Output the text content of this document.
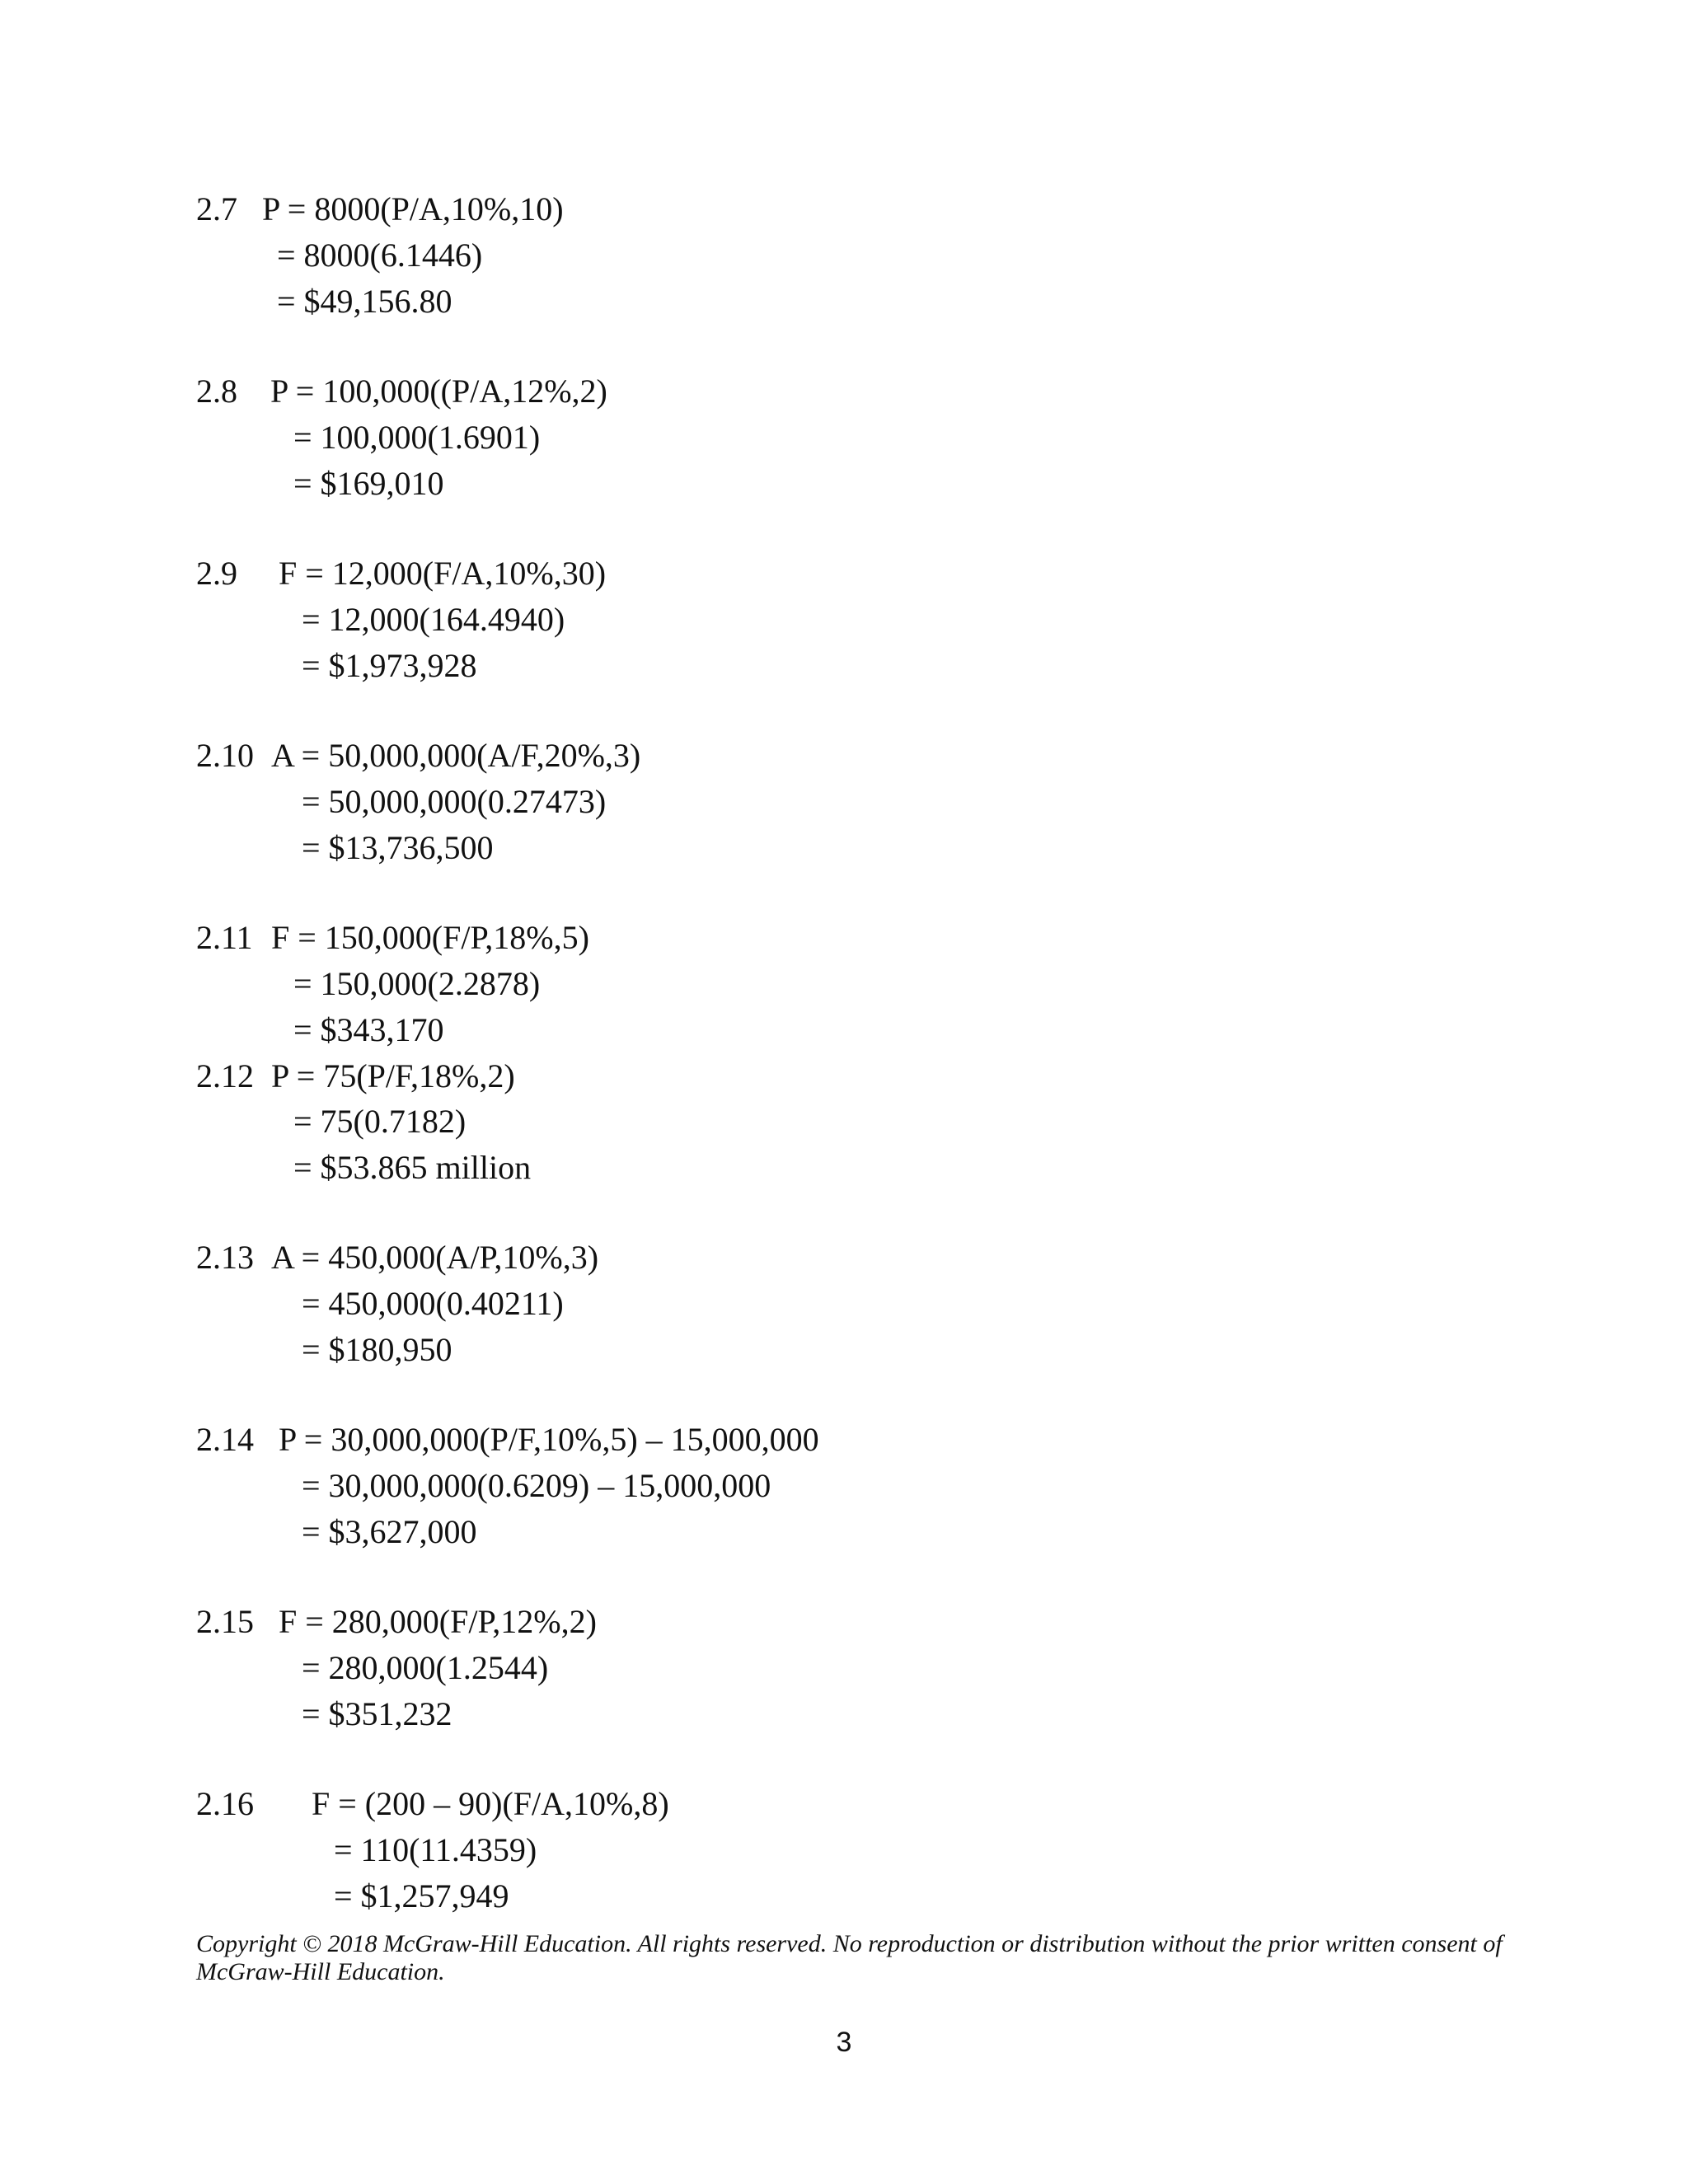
2.7 P = 8000(P/A,10%,10)
= 8000(6.1446)
= $49,156.80
2.8 P = 100,000((P/A,12%,2)
= 100,000(1.6901)
= $169,010
2.9 F = 12,000(F/A,10%,30)
= 12,000(164.4940)
= $1,973,928
2.10 A = 50,000,000(A/F,20%,3)
= 50,000,000(0.27473)
= $13,736,500
2.11 F = 150,000(F/P,18%,5)
= 150,000(2.2878)
= $343,170
2.12 P = 75(P/F,18%,2)
= 75(0.7182)
= $53.865 million
2.13 A = 450,000(A/P,10%,3)
= 450,000(0.40211)
= $180,950
2.14 P = 30,000,000(P/F,10%,5) – 15,000,000
= 30,000,000(0.6209) – 15,000,000
= $3,627,000
2.15 F = 280,000(F/P,12%,2)
= 280,000(1.2544)
= $351,232
2.16 F = (200 – 90)(F/A,10%,8)
= 110(11.4359)
= $1,257,949
Copyright © 2018 McGraw-Hill Education. All rights reserved. No reproduction or distribution without the prior written consent of McGraw-Hill Education.
3
